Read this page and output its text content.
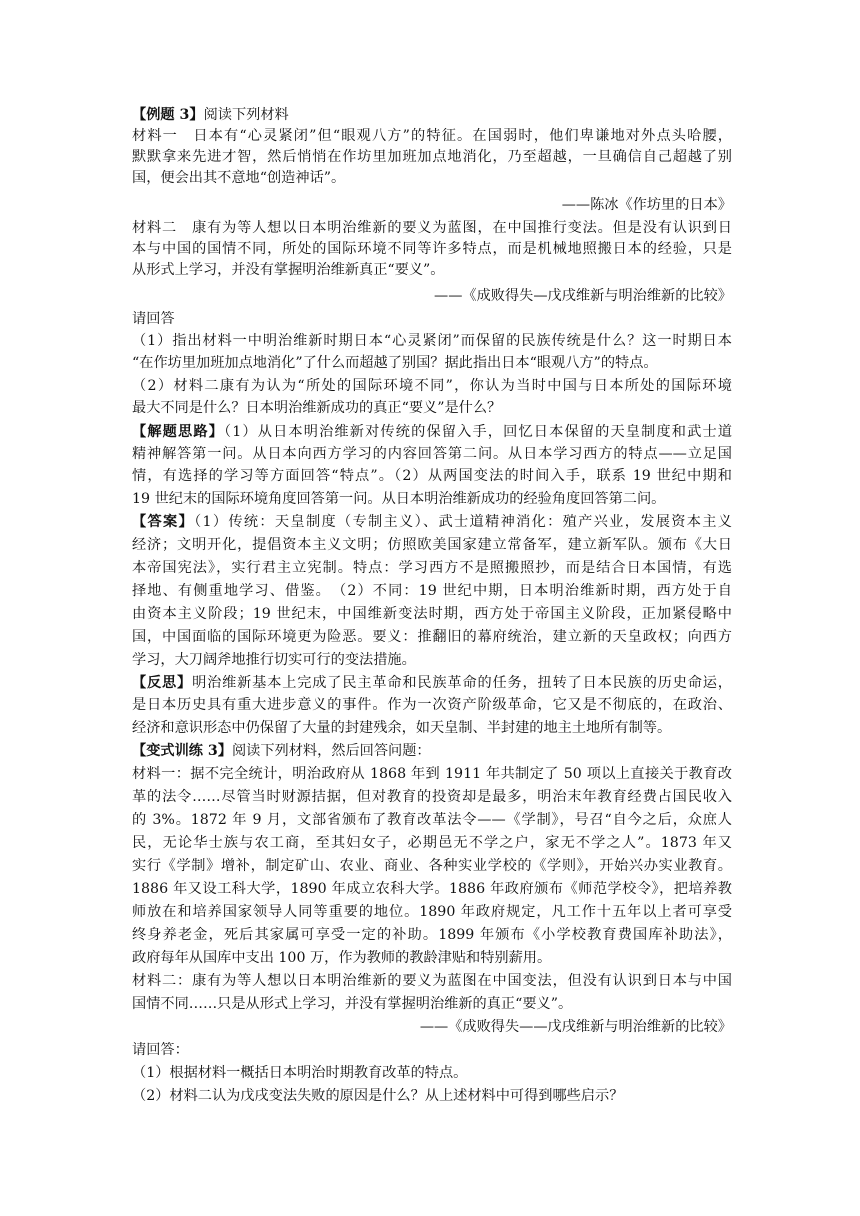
【例题 3】阅读下列材料
材料一　日本有“心灵紧闭”但“眼观八方”的特征。在国弱时，他们卑谦地对外点头哈腰，
默默拿来先进才智，然后悄悄在作坊里加班加点地消化，乃至超越，一旦确信自己超越了别
国，便会出其不意地“创造神话”。
——陈冰《作坊里的日本》
材料二　康有为等人想以日本明治维新的要义为蓝图，在中国推行变法。但是没有认识到日
本与中国的国情不同，所处的国际环境不同等许多特点，而是机械地照搬日本的经验，只是
从形式上学习，并没有掌握明治维新真正“要义”。
——《成败得失—戊戌维新与明治维新的比较》
请回答
（1）指出材料一中明治维新时期日本“心灵紧闭”而保留的民族传统是什么？这一时期日本
“在作坊里加班加点地消化”了什么而超越了别国？据此指出日本“眼观八方”的特点。
（2）材料二康有为认为“所处的国际环境不同”，你认为当时中国与日本所处的国际环境
最大不同是什么？日本明治维新成功的真正“要义”是什么？
【解题思路】（1）从日本明治维新对传统的保留入手，回忆日本保留的天皇制度和武士道
精神解答第一问。从日本向西方学习的内容回答第二问。从日本学习西方的特点——立足国
情，有选择的学习等方面回答“特点”。（2）从两国变法的时间入手，联系 19 世纪中期和
19 世纪末的国际环境角度回答第一问。从日本明治维新成功的经验角度回答第二问。
【答案】（1）传统：天皇制度（专制主义）、武士道精神消化：殖产兴业，发展资本主义
经济；文明开化，提倡资本主义文明；仿照欧美国家建立常备军，建立新军队。颁布《大日
本帝国宪法》，实行君主立宪制。特点：学习西方不是照搬照抄，而是结合日本国情，有选
择地、有侧重地学习、借鉴。　（2）不同：19 世纪中期，日本明治维新时期，西方处于自
由资本主义阶段；19 世纪末，中国维新变法时期，西方处于帝国主义阶段，正加紧侵略中
国，中国面临的国际环境更为险恶。要义：推翻旧的幕府统治，建立新的天皇政权；向西方
学习，大刀阔斧地推行切实可行的变法措施。
【反思】明治维新基本上完成了民主革命和民族革命的任务，扭转了日本民族的历史命运，
是日本历史具有重大进步意义的事件。作为一次资产阶级革命，它又是不彻底的，在政治、
经济和意识形态中仍保留了大量的封建残余，如天皇制、半封建的地主土地所有制等。
【变式训练 3】阅读下列材料，然后回答问题：
材料一：据不完全统计，明治政府从 1868 年到 1911 年共制定了 50 项以上直接关于教育改
革的法令……尽管当时财源拮据，但对教育的投资却是最多，明治末年教育经费占国民收入
的 3%。1872 年 9 月，文部省颁布了教育改革法令——《学制》，号召“自今之后，众庶人
民，无论华士族与农工商，至其妇女子，必期邑无不学之户，家无不学之人”。1873 年又
实行《学制》增补，制定矿山、农业、商业、各种实业学校的《学则》，开始兴办实业教育。
1886 年又设工科大学，1890 年成立农科大学。1886 年政府颁布《师范学校令》，把培养教
师放在和培养国家领导人同等重要的地位。1890 年政府规定，凡工作十五年以上者可享受
终身养老金，死后其家属可享受一定的补助。1899 年颁布《小学校教育费国库补助法》，
政府每年从国库中支出 100 万，作为教师的教龄津贴和特别薪用。
材料二：康有为等人想以日本明治维新的要义为蓝图在中国变法，但没有认识到日本与中国
国情不同……只是从形式上学习，并没有掌握明治维新的真正“要义”。
——《成败得失——戊戌维新与明治维新的比较》
请回答：
（1）根据材料一概括日本明治时期教育改革的特点。
（2）材料二认为戊戌变法失败的原因是什么？从上述材料中可得到哪些启示？
